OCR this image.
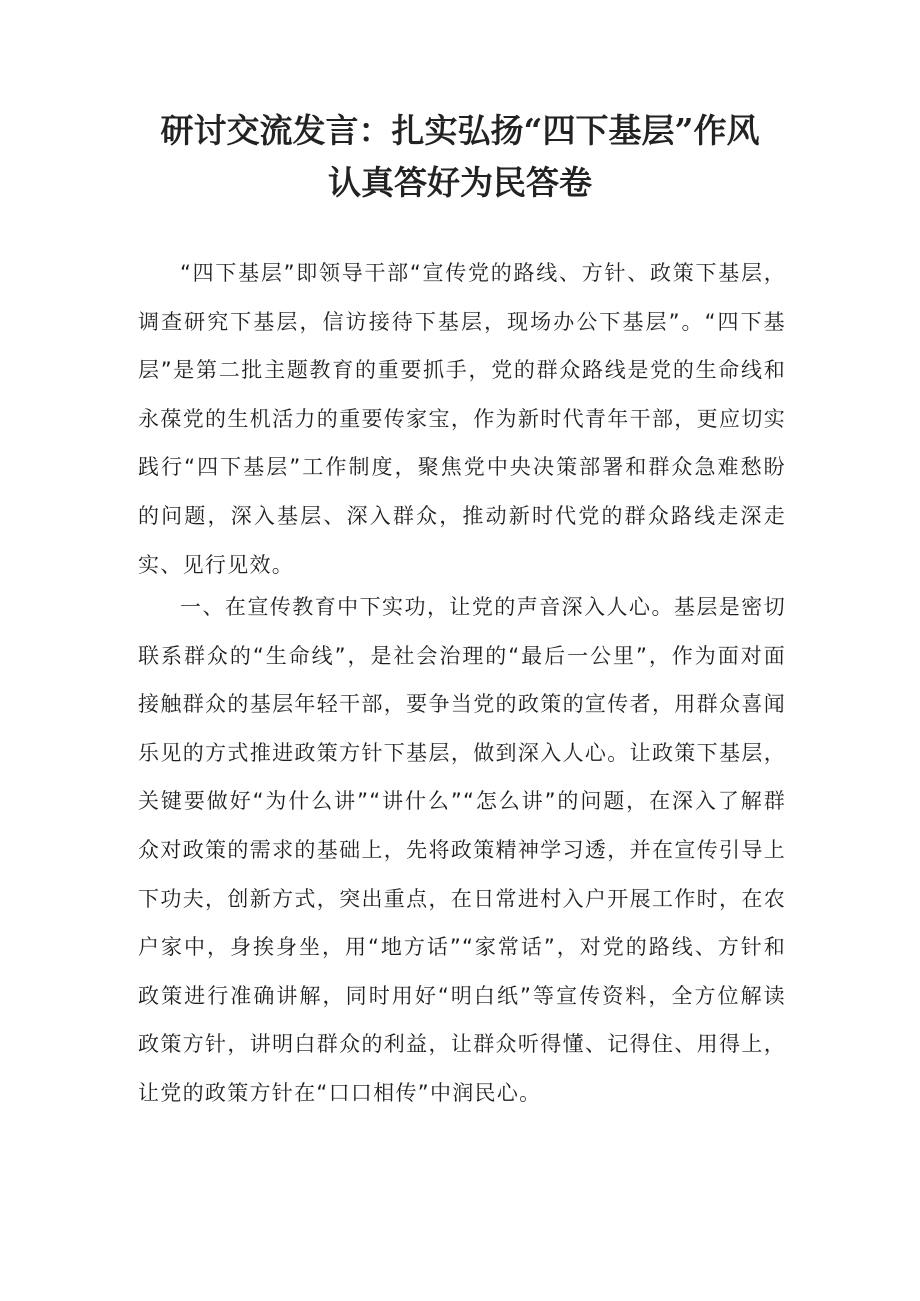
研讨交流发言：扎实弘扬“四下基层”作风
认真答好为民答卷

“四下基层”即领导干部“宣传党的路线、方针、政策下基层，调查研究下基层，信访接待下基层，现场办公下基层”。“四下基层”是第二批主题教育的重要抓手，党的群众路线是党的生命线和永葆党的生机活力的重要传家宝，作为新时代青年干部，更应切实践行“四下基层”工作制度，聚焦党中央决策部署和群众急难愁盼的问题，深入基层、深入群众，推动新时代党的群众路线走深走实、见行见效。

一、在宣传教育中下实功，让党的声音深入人心。基层是密切联系群众的“生命线”，是社会治理的“最后一公里”，作为面对面接触群众的基层年轻干部，要争当党的政策的宣传者，用群众喜闻乐见的方式推进政策方针下基层，做到深入人心。让政策下基层，关键要做好“为什么讲”“讲什么”“怎么讲”的问题，在深入了解群众对政策的需求的基础上，先将政策精神学习透，并在宣传引导上下功夫，创新方式，突出重点，在日常进村入户开展工作时，在农户家中，身挨身坐，用“地方话”“家常话”，对党的路线、方针和政策进行准确讲解，同时用好“明白纸”等宣传资料，全方位解读政策方针，讲明白群众的利益，让群众听得懂、记得住、用得上，让党的政策方针在“口口相传”中润民心。
